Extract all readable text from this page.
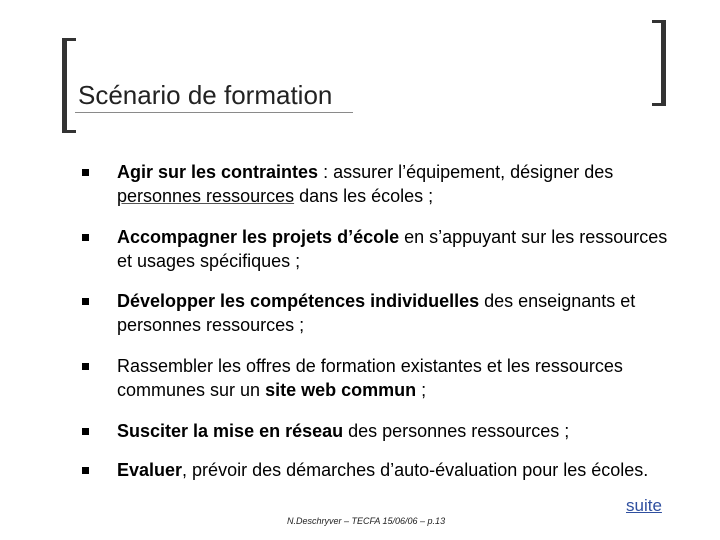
Scénario de formation
Agir sur les contraintes : assurer l’équipement, désigner des personnes ressources dans les écoles ;
Accompagner les projets d’école en s’appuyant sur les ressources et usages spécifiques ;
Développer les compétences individuelles des enseignants et personnes ressources ;
Rassembler les offres de formation existantes et les ressources communes sur un site web commun ;
Susciter la mise en réseau des personnes ressources ;
Evaluer, prévoir des démarches d’auto-évaluation pour les écoles.
suite
N.Deschryver – TECFA 15/06/06 – p.13
